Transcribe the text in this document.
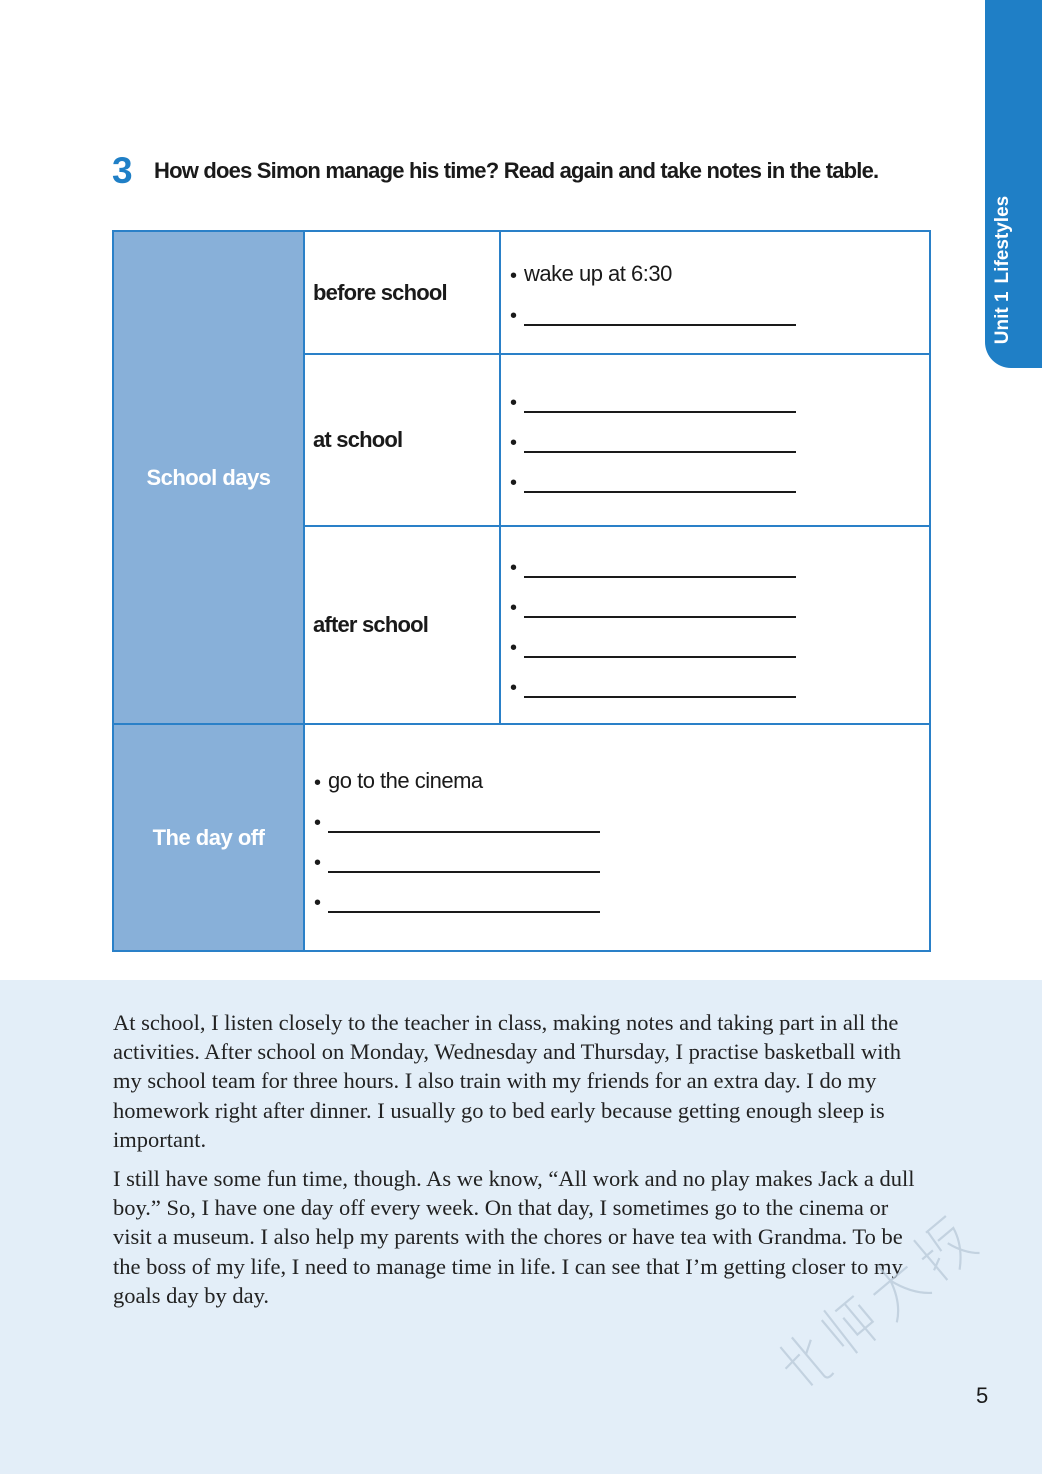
Unit 1Lifestyles
3 How does Simon manage his time? Read again and take notes in the table.
School days
before school
at school
after school
• wake up at 6:30
•
•
•
•
•
•
•
•
The day off
• go to the cinema
•
•
•

At school, I listen closely to the teacher in class, making notes and taking part in all the activities. After school on Monday, Wednesday and Thursday, I practise basketball with my school team for three hours. I also train with my friends for an extra day. I do my homework right after dinner. I usually go to bed early because getting enough sleep is important.

I still have some fun time, though. As we know, “All work and no play makes Jack a dull boy.” So, I have one day off every week. On that day, I sometimes go to the cinema or visit a museum. I also help my parents with the chores or have tea with Grandma. To be the boss of my life, I need to manage time in life. I can see that I’m getting closer to my goals day by day.

5
